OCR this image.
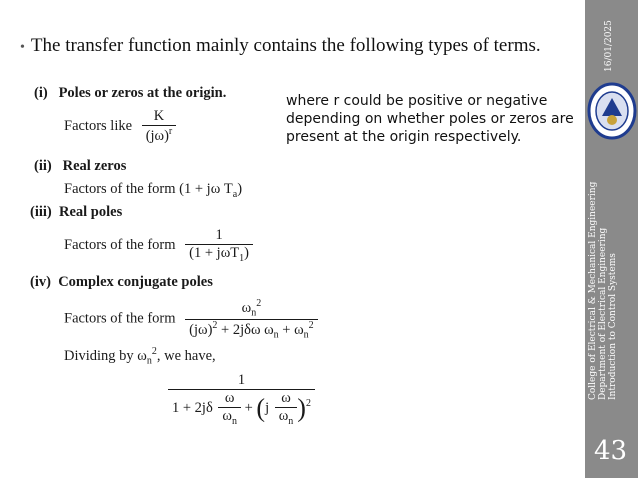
16/01/2025
College of Electrical & Mechanical Engineering Department of Electrical Engineering Introduction to Control Systems
43
• The transfer function mainly contains the following types of terms.
where r could be positive or negative depending on whether poles or zeros are present at the origin respectively.
(i) Poles or zeros at the origin.
Factors like $\frac{K}{(j\omega)^r}$
(ii) Real zeros
Factors of the form (1 + jω $T_a$)
(iii) Real poles
Factors of the form $\frac{1}{(1 + j\omega T_1)}$
(iv) Complex conjugate poles
Factors of the form $\frac{\omega_n^2}{(j\omega)^2 + 2j\delta\omega \omega_n + \omega_n^2}$
Dividing by $\omega_n^2$, we have,
$\frac{1}{1 + 2j\delta \frac{\omega}{\omega_n} + (j \frac{\omega}{\omega_n} )^2}$
